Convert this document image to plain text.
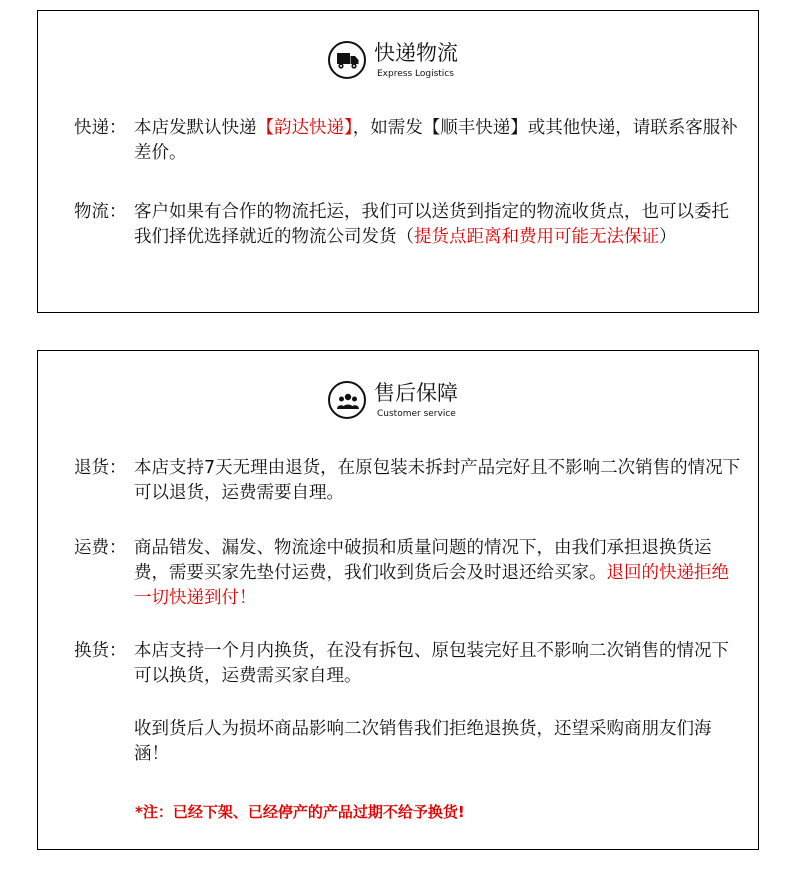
快递物流
Express Logistics
快递： 本店发默认快递【韵达快递】，如需发【顺丰快递】或其他快递，请联系客服补差价。
物流： 客户如果有合作的物流托运，我们可以送货到指定的物流收货点，也可以委托我们择优选择就近的物流公司发货（提货点距离和费用可能无法保证）
售后保障
Customer service
退货： 本店支持7天无理由退货，在原包装未拆封产品完好且不影响二次销售的情况下可以退货，运费需要自理。
运费： 商品错发、漏发、物流途中破损和质量问题的情况下，由我们承担退换货运费，需要买家先垫付运费，我们收到货后会及时退还给买家。退回的快递拒绝一切快递到付！
换货： 本店支持一个月内换货，在没有拆包、原包装完好且不影响二次销售的情况下可以换货，运费需买家自理。
收到货后人为损坏商品影响二次销售我们拒绝退换货，还望采购商朋友们海涵！
*注：已经下架、已经停产的产品过期不给予换货!
